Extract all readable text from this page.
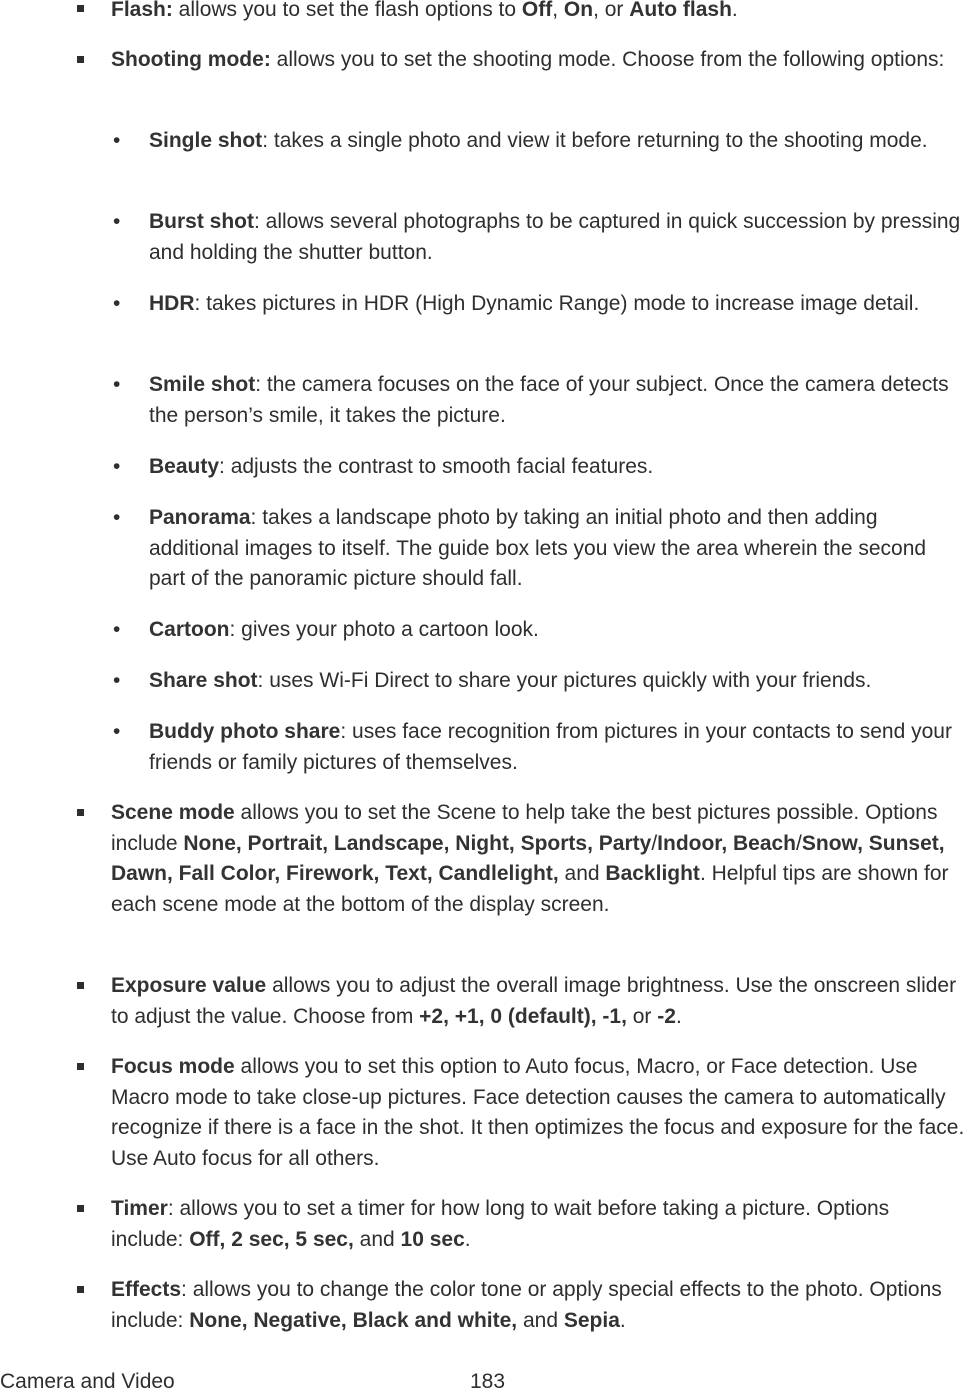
Flash: allows you to set the flash options to Off, On, or Auto flash.
Shooting mode: allows you to set the shooting mode. Choose from the following options:
• Single shot: takes a single photo and view it before returning to the shooting mode.
• Burst shot: allows several photographs to be captured in quick succession by pressing and holding the shutter button.
• HDR: takes pictures in HDR (High Dynamic Range) mode to increase image detail.
• Smile shot: the camera focuses on the face of your subject. Once the camera detects the person’s smile, it takes the picture.
• Beauty: adjusts the contrast to smooth facial features.
• Panorama: takes a landscape photo by taking an initial photo and then adding additional images to itself. The guide box lets you view the area wherein the second part of the panoramic picture should fall.
• Cartoon: gives your photo a cartoon look.
• Share shot: uses Wi-Fi Direct to share your pictures quickly with your friends.
• Buddy photo share: uses face recognition from pictures in your contacts to send your friends or family pictures of themselves.
Scene mode allows you to set the Scene to help take the best pictures possible. Options include None, Portrait, Landscape, Night, Sports, Party/Indoor, Beach/Snow, Sunset, Dawn, Fall Color, Firework, Text, Candlelight, and Backlight. Helpful tips are shown for each scene mode at the bottom of the display screen.
Exposure value allows you to adjust the overall image brightness. Use the onscreen slider to adjust the value. Choose from +2, +1, 0 (default), -1, or -2.
Focus mode allows you to set this option to Auto focus, Macro, or Face detection. Use Macro mode to take close-up pictures. Face detection causes the camera to automatically recognize if there is a face in the shot. It then optimizes the focus and exposure for the face. Use Auto focus for all others.
Timer: allows you to set a timer for how long to wait before taking a picture. Options include: Off, 2 sec, 5 sec, and 10 sec.
Effects: allows you to change the color tone or apply special effects to the photo. Options include: None, Negative, Black and white, and Sepia.
Camera and Video	183
